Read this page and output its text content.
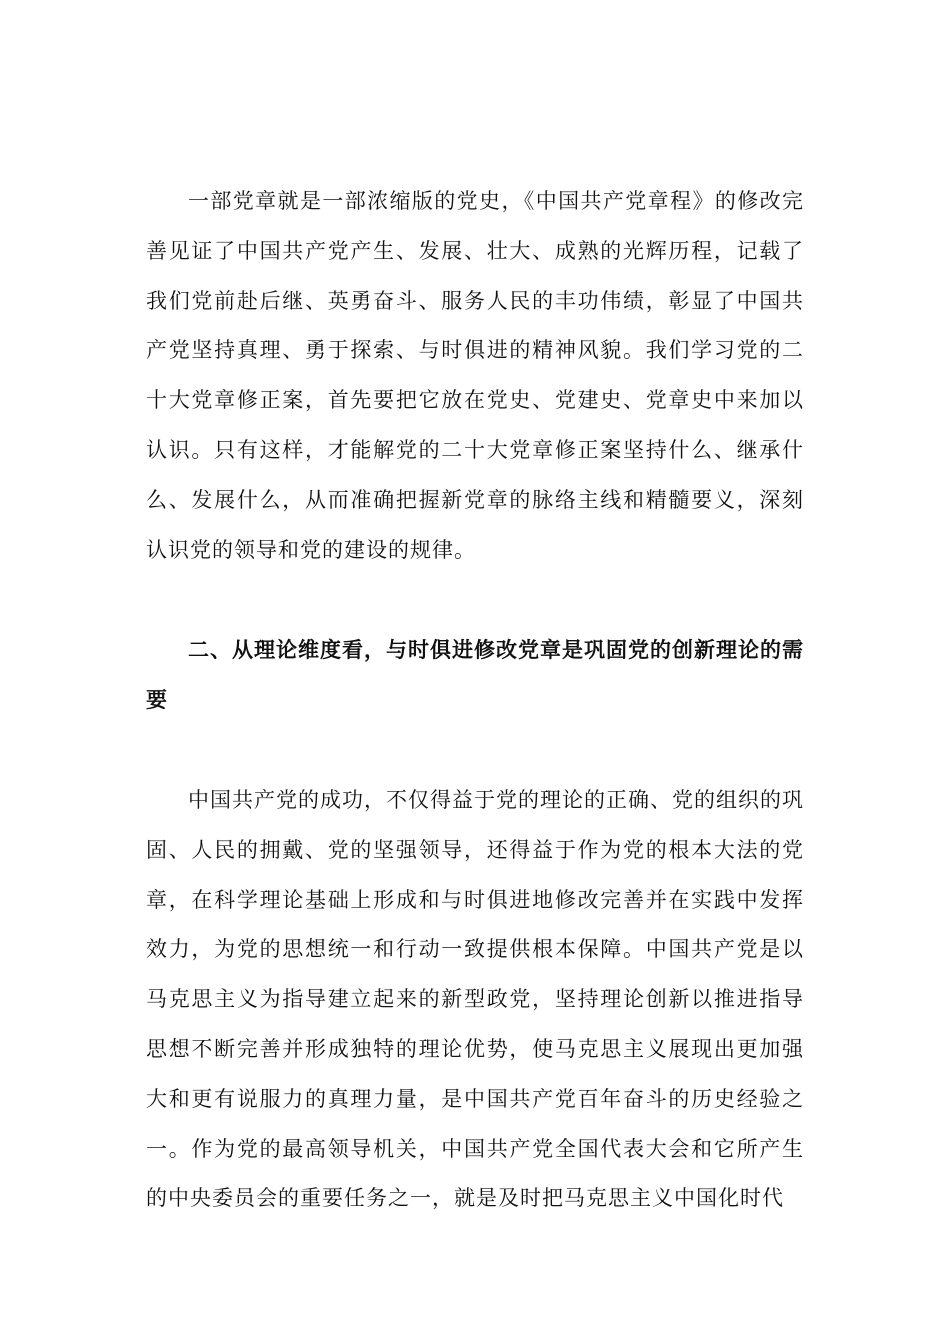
一部党章就是一部浓缩版的党史，《中国共产党章程》的修改完善见证了中国共产党产生、发展、壮大、成熟的光辉历程，记载了我们党前赴后继、英勇奋斗、服务人民的丰功伟绩，彰显了中国共产党坚持真理、勇于探索、与时俱进的精神风貌。我们学习党的二十大党章修正案，首先要把它放在党史、党建史、党章史中来加以认识。只有这样，才能解党的二十大党章修正案坚持什么、继承什么、发展什么，从而准确把握新党章的脉络主线和精髓要义，深刻认识党的领导和党的建设的规律。

二、从理论维度看，与时俱进修改党章是巩固党的创新理论的需要

中国共产党的成功，不仅得益于党的理论的正确、党的组织的巩固、人民的拥戴、党的坚强领导，还得益于作为党的根本大法的党章，在科学理论基础上形成和与时俱进地修改完善并在实践中发挥效力，为党的思想统一和行动一致提供根本保障。中国共产党是以马克思主义为指导建立起来的新型政党，坚持理论创新以推进指导思想不断完善并形成独特的理论优势，使马克思主义展现出更加强大和更有说服力的真理力量，是中国共产党百年奋斗的历史经验之一。作为党的最高领导机关，中国共产党全国代表大会和它所产生的中央委员会的重要任务之一，就是及时把马克思主义中国化时代
